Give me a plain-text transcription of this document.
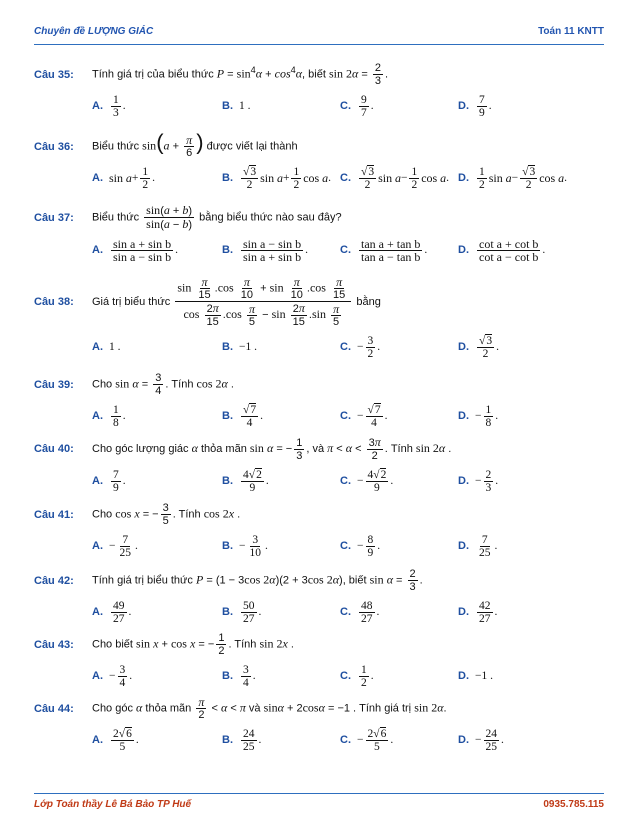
Chuyên đề LƯỢNG GIÁC	Toán 11 KNTT
Câu 35:	Tính giá trị của biểu thức $P = \sin^4\alpha + \cos^4\alpha$, biết $\sin 2\alpha = \frac{2}{3}$ .
A. $\frac{1}{3}$ .	B. 1 .	C. $\frac{9}{7}$ .	D. $\frac{7}{9}$ .
Câu 36:	Biểu thức $\sin(a + \frac{\pi}{6}$ ) được viết lại thành
A. sin
$a + \frac{1}{2}$ .	B. $\frac{√3}{2}$ sin
$a + \frac{1}{2}$ cos
a . C. $\frac{√3}{2}$ sin
$a - \frac{1}{2}$ cos
a . D. $\frac{1}{2}$ sin
$a - \frac{√3}{2}$ cos
a .
Câu 37:	Biểu thức $\frac{\sin(a + b)}{\sin(a - b)}$ bằng biểu thức nào sau đây?
A. $\frac{\text{sin a + sin b}}{\text{sin a − sin b}}$ .	B. $\frac{\text{sin a − sin b}}{\text{sin a + sin b}}$ .	C. $\frac{\text{tan a + tan b}}{\text{tan a − tan b}}$ .	D. $\frac{\text{cot a + cot b}}{\text{cot a − cot b}}$ .
Câu 38:	Giá trị biểu thức $\frac{\sin \frac{\pi}{15} .\cos \frac{\pi}{10} + \sin \frac{\pi}{10} .\cos \frac{\pi}{15}}{\cos \frac{2\pi}{15} .\cos \frac{\pi}{5} - \sin \frac{2\pi}{15} .\sin \frac{\pi}{5}}$ bằng
A. 1 .	B. −1 .	C. − $\frac{3}{2}$ .	D. $\frac{√3}{2}$ .
Câu 39:	Cho $\sin \alpha = \frac{3}{4}$ . Tính cos 2α .
A. $\frac{1}{8}$ .	B. $\frac{√7}{4}$ .	C. − $\frac{√7}{4}$ .	D. − $\frac{1}{8}$ .
Câu 40:	Cho góc lượng giác α thỏa mãn sin α = − $\frac{1}{3}$ , và $\pi < \alpha < \frac{3\pi}{2}$ . Tính sin 2α .
A. $\frac{7}{9}$ .	B. $\frac{4√2}{9}$ .	C. − $\frac{4√2}{9}$ .	D. − $\frac{2}{3}$ .
Câu 41:	Cho cos x = − $\frac{3}{5}$ . Tính cos 2x .
A. − $\frac{7}{25}$ .	B. − $\frac{3}{10}$ .	C. − $\frac{8}{9}$ .	D. $\frac{7}{25}$ .
Câu 42:	Tính giá trị biểu thức P = (1 − 3cos 2α)(2 + 3cos 2α), biết $\sin \alpha = \frac{2}{3}$ .
A. $\frac{49}{27}$ .	B. $\frac{50}{27}$ .	C. $\frac{48}{27}$ .	D. $\frac{42}{27}$ .
Câu 43:	Cho biết sin x + cos x = − $\frac{1}{2}$ . Tính sin 2x .
A. − $\frac{3}{4}$ .	B. $\frac{3}{4}$ .	C. $\frac{1}{2}$ .	D. −1 .
Câu 44:	Cho góc α thỏa mãn $\frac{\pi}{2} < \alpha < \pi$ và sinα + 2cosα = −1 . Tính giá trị sin 2α.
A. $\frac{2√6}{5}$ .	B. $\frac{24}{25}$ .	C. − $\frac{2√6}{5}$ .	D. − $\frac{24}{25}$ .
Lớp Toán thầy Lê Bá Bảo TP Huế	0935.785.115
